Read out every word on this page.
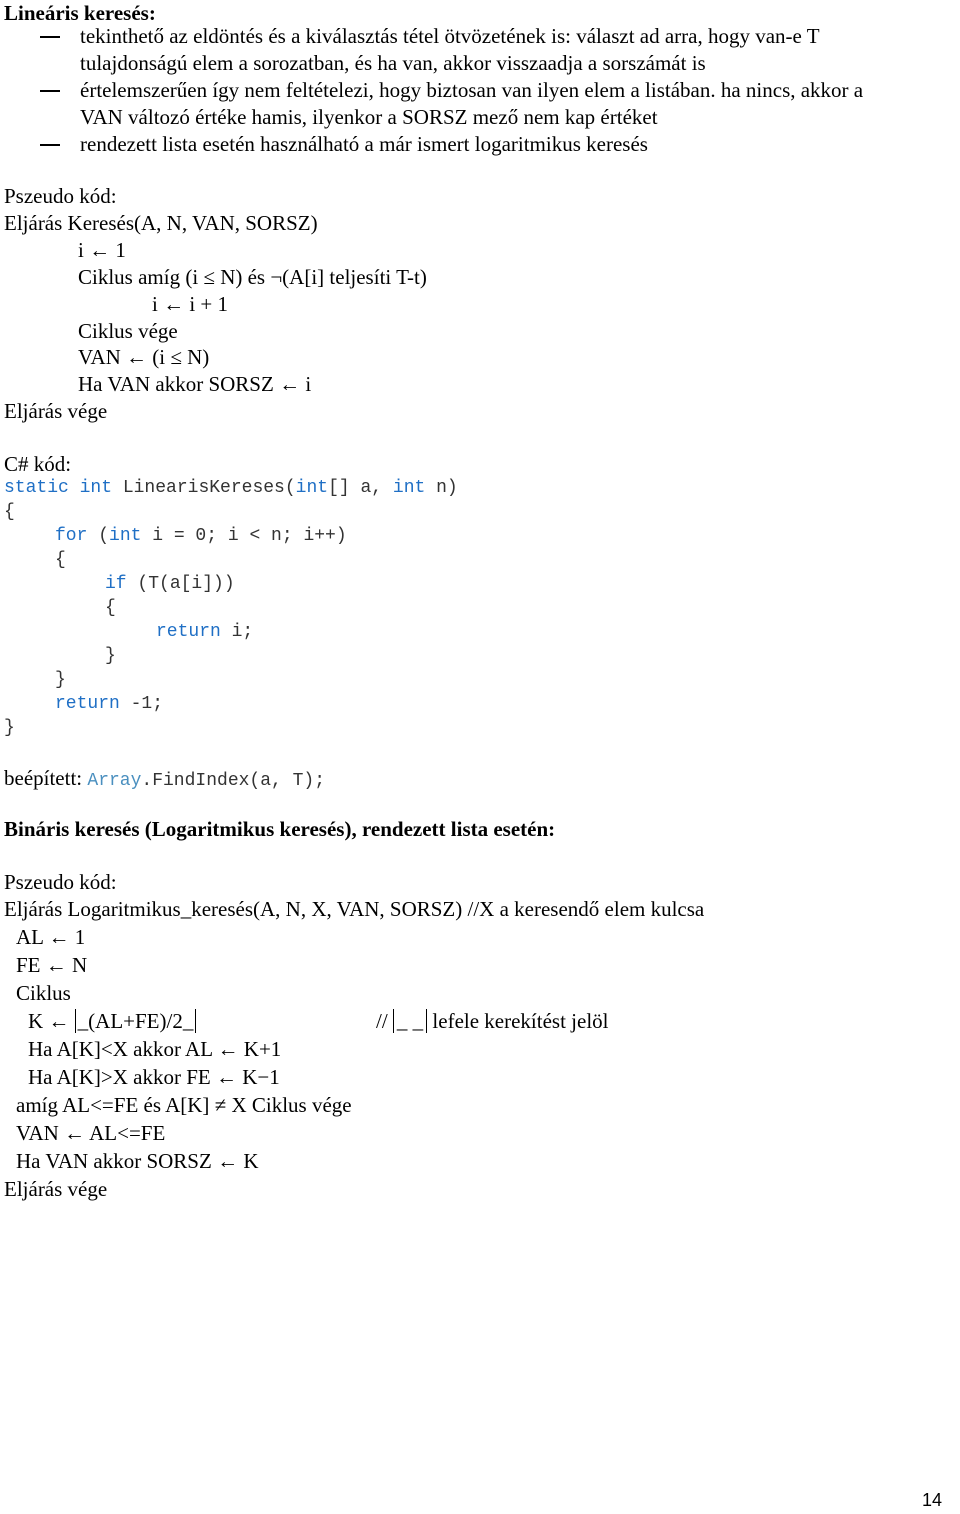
Lineáris keresés:
tekinthető az eldöntés és a kiválasztás tétel ötvözetének is: választ ad arra, hogy van-e T
tulajdonságú elem a sorozatban, és ha van, akkor visszaadja a sorszámát is
értelemszerűen így nem feltételezi, hogy biztosan van ilyen elem a listában. ha nincs, akkor a
VAN változó értéke hamis, ilyenkor a SORSZ mező nem kap értéket
rendezett lista esetén használható a már ismert logaritmikus keresés
Pszeudo kód:
Eljárás Keresés(A, N, VAN, SORSZ)
i ← 1
Ciklus amíg (i ≤ N) és ¬(A[i] teljesíti T-t)
i ← i + 1
Ciklus vége
VAN ← (i ≤ N)
Ha VAN akkor SORSZ ← i
Eljárás vége
C# kód:
static int LinearisKereses(int[] a, int n)
{
for (int i = 0; i < n; i++)
{
if (T(a[i]))
{
return i;
}
}
return -1;
}
beépített: Array.FindIndex(a, T);
Bináris keresés (Logaritmikus keresés), rendezett lista esetén:
Pszeudo kód:
Eljárás Logaritmikus_keresés(A, N, X, VAN, SORSZ) //X a keresendő elem kulcsa
AL ← 1
FE ← N
Ciklus
K ← _(AL+FE)/2_	// _ _ lefele kerekítést jelöl
Ha A[K]<X akkor AL ← K+1
Ha A[K]>X akkor FE ← K−1
amíg AL<=FE és A[K] ≠ X Ciklus vége
VAN ← AL<=FE
Ha VAN akkor SORSZ ← K
Eljárás vége
14
